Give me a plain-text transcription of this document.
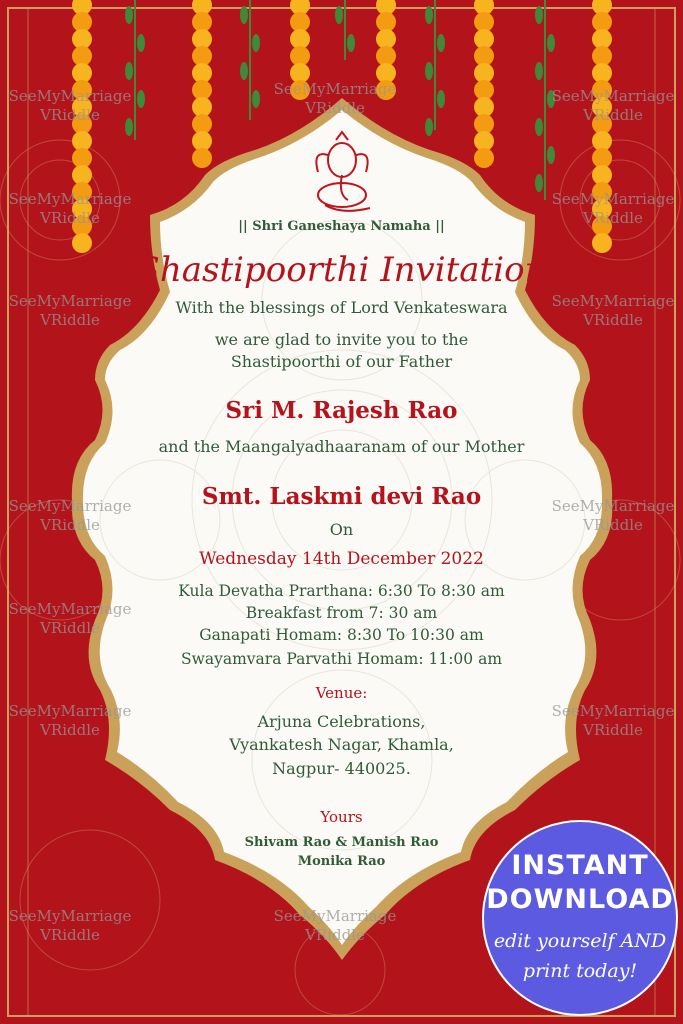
|| Shri Ganeshaya Namaha ||
Shastipoorthi Invitation
With the blessings of Lord Venkateswara
we are glad to invite you to the
Shastipoorthi of our Father
Sri M. Rajesh Rao
and the Maangalyadhaaranam of our Mother
Smt. Laskmi devi Rao
On
Wednesday 14th December 2022
Kula Devatha Prarthana: 6:30 To 8:30 am
Breakfast from 7: 30 am
Ganapati Homam: 8:30 To 10:30 am
Swayamvara Parvathi Homam: 11:00 am
Venue:
Arjuna Celebrations,
Vyankatesh Nagar, Khamla,
Nagpur- 440025.
Yours
Shivam Rao & Manish Rao
Monika Rao
SeeMyMarriage
VRiddle
SeeMyMarriage
VRiddle
SeeMyMarriage
VRiddle
SeeMyMarriage
VRiddle
SeeMyMarriage
VRiddle
SeeMyMarriage
VRiddle
SeeMyMarriage
VRiddle
SeeMyMarriage
VRiddle
SeeMyMarriage
VRiddle
SeeMyMarriage
VRiddle
SeeMyMarriage
VRiddle
SeeMyMarriage
VRiddle
SeeMyMarriage
VRiddle
SeeMyMarriage
VRiddle
INSTANT
DOWNLOAD
edit yourself AND
print today!
